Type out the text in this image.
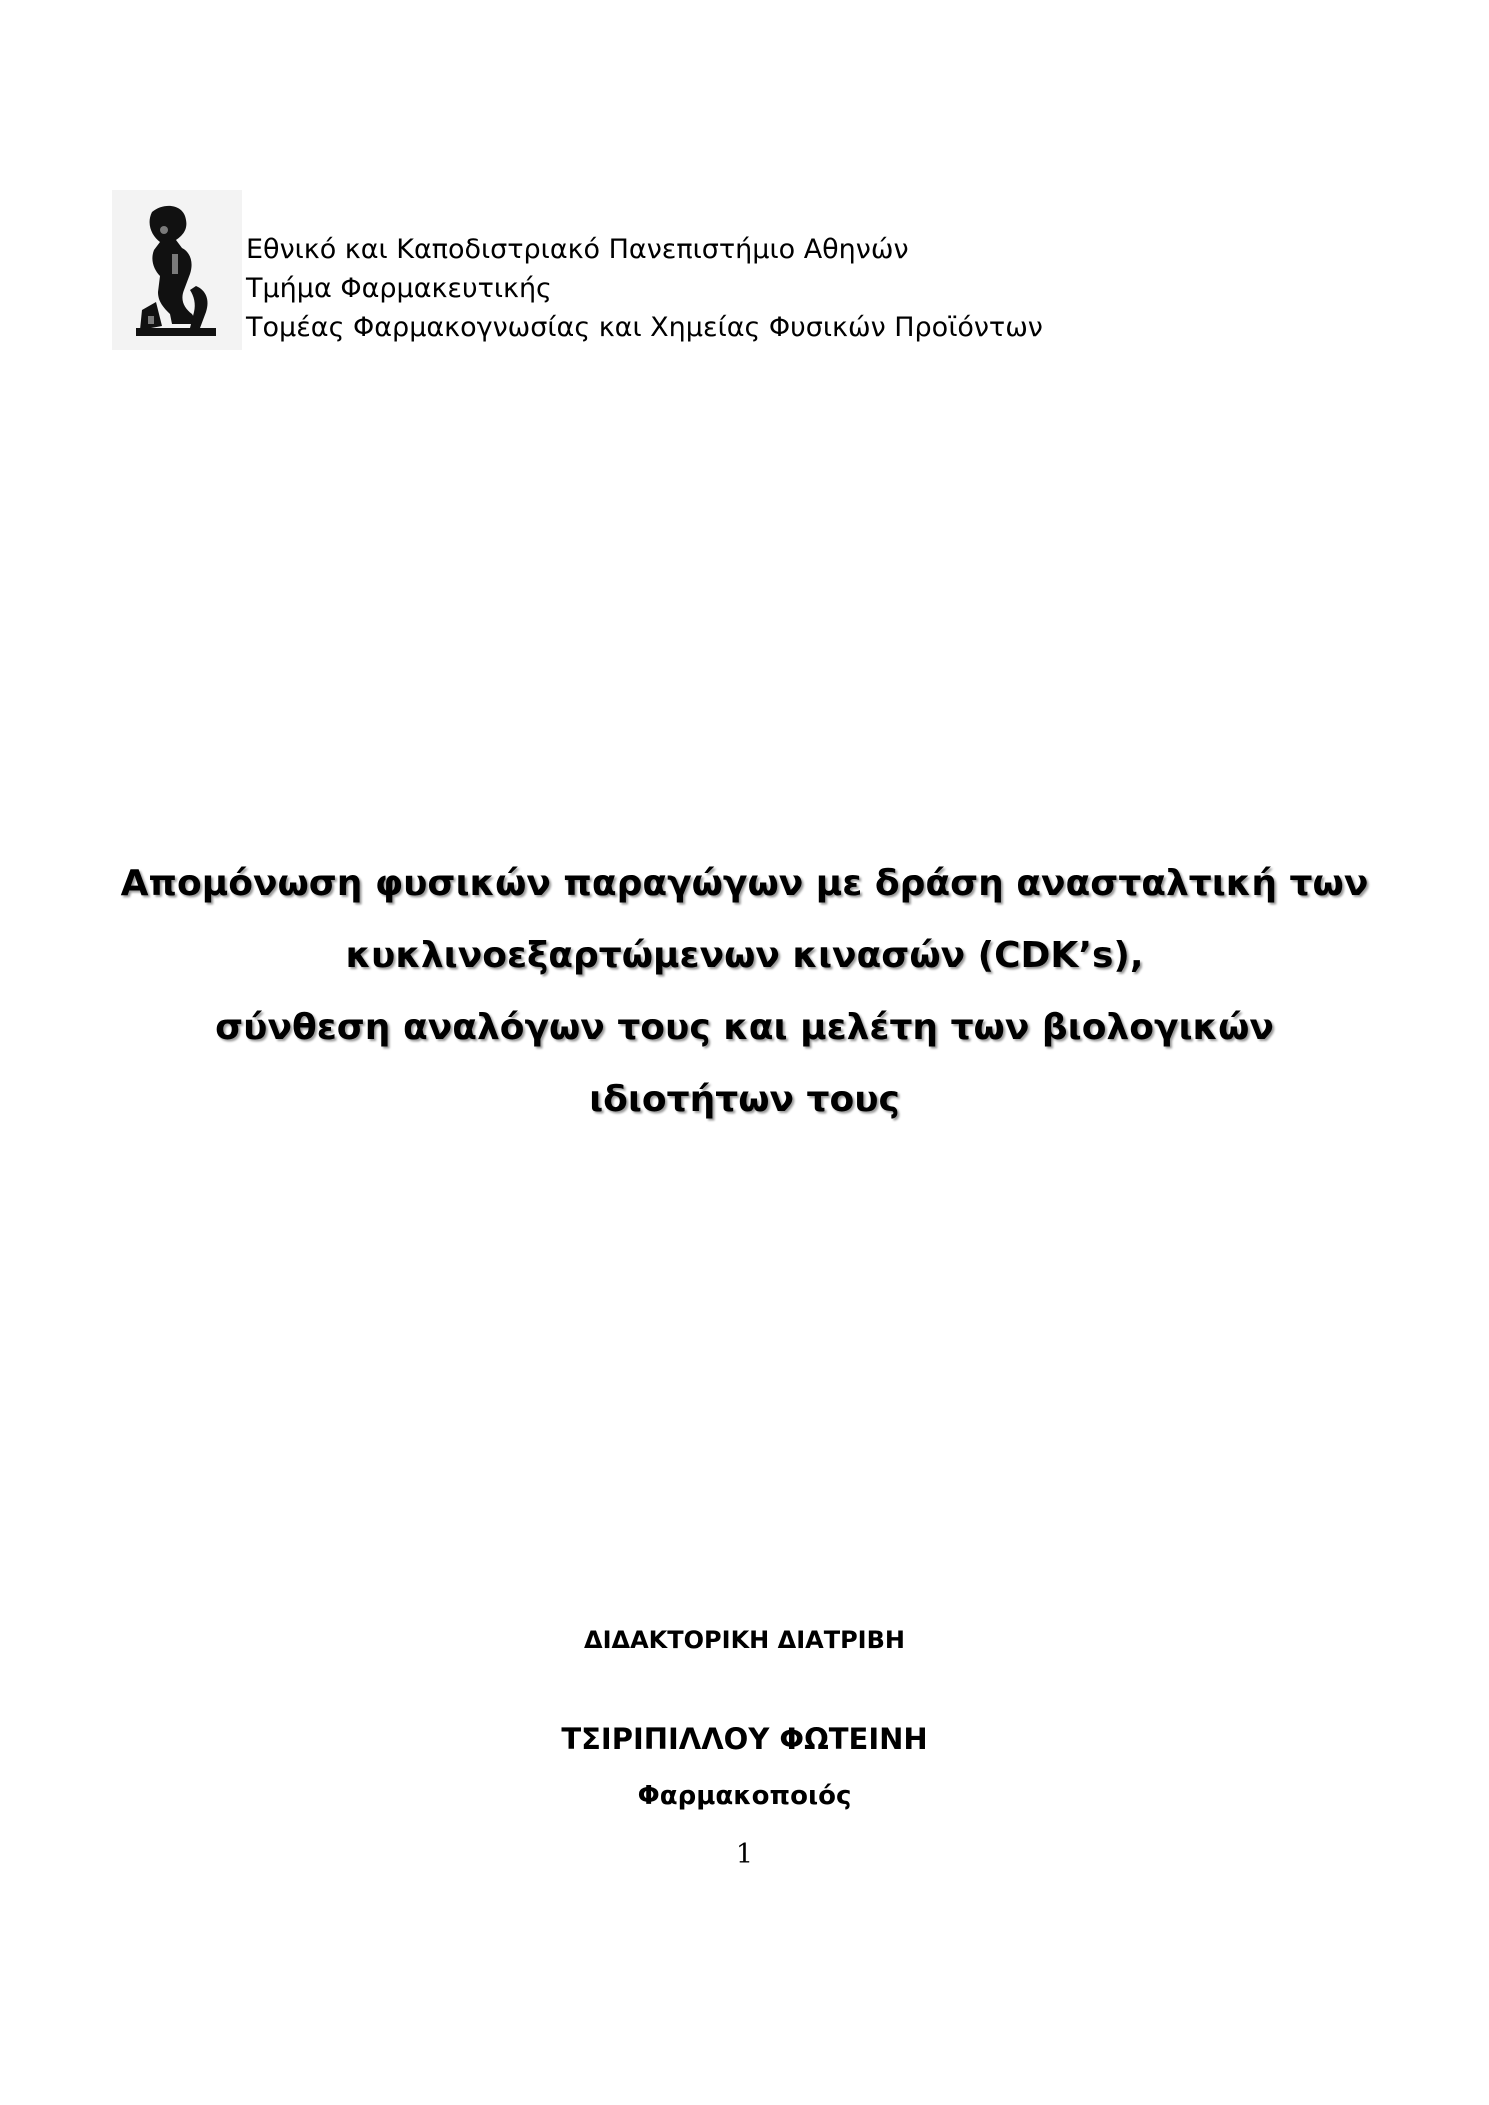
Εθνικό και Καποδιστριακό Πανεπιστήμιο Αθηνών
Τμήμα Φαρμακευτικής
Τομέας Φαρμακογνωσίας και Χημείας Φυσικών Προϊόντων
Απομόνωση φυσικών παραγώγων με δράση ανασταλτική των
κυκλινοεξαρτώμενων κινασών (CDK’s),
σύνθεση αναλόγων τους και μελέτη των βιολογικών
ιδιοτήτων τους
ΔΙΔΑΚΤΟΡΙΚΗ ΔΙΑΤΡΙΒΗ
ΤΣΙΡΙΠΙΛΛΟΥ ΦΩΤΕΙΝΗ
Φαρμακοποιός
1
